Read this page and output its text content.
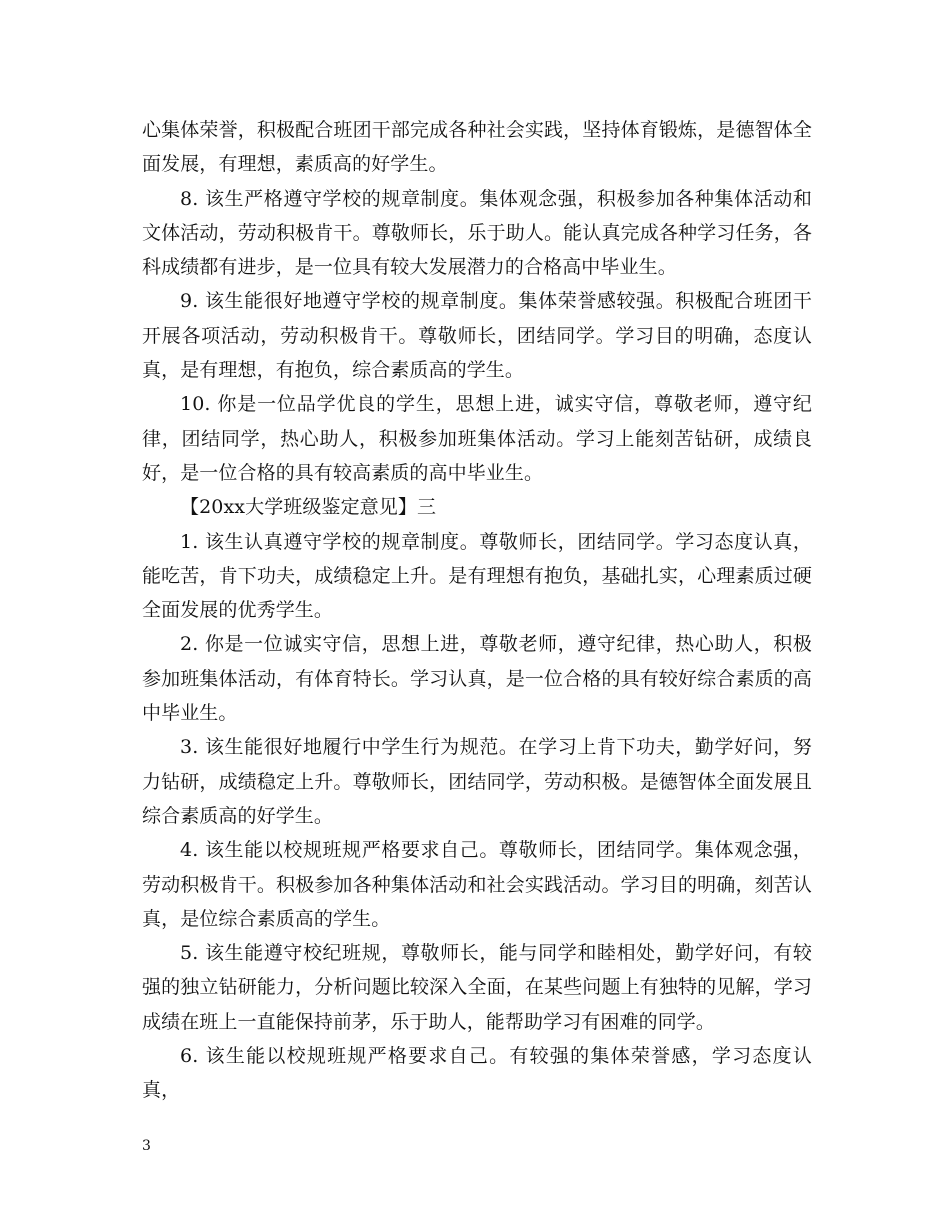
心集体荣誉，积极配合班团干部完成各种社会实践，坚持体育锻炼，是德智体全面发展，有理想，素质高的好学生。

8. 该生严格遵守学校的规章制度。集体观念强，积极参加各种集体活动和文体活动，劳动积极肯干。尊敬师长，乐于助人。能认真完成各种学习任务，各科成绩都有进步，是一位具有较大发展潜力的合格高中毕业生。

9. 该生能很好地遵守学校的规章制度。集体荣誉感较强。积极配合班团干开展各项活动，劳动积极肯干。尊敬师长，团结同学。学习目的明确，态度认真，是有理想，有抱负，综合素质高的学生。

10. 你是一位品学优良的学生，思想上进，诚实守信，尊敬老师，遵守纪律，团结同学，热心助人，积极参加班集体活动。学习上能刻苦钻研，成绩良好，是一位合格的具有较高素质的高中毕业生。

【20xx大学班级鉴定意见】三

1. 该生认真遵守学校的规章制度。尊敬师长，团结同学。学习态度认真，能吃苦，肯下功夫，成绩稳定上升。是有理想有抱负，基础扎实，心理素质过硬全面发展的优秀学生。

2. 你是一位诚实守信，思想上进，尊敬老师，遵守纪律，热心助人，积极参加班集体活动，有体育特长。学习认真，是一位合格的具有较好综合素质的高中毕业生。

3. 该生能很好地履行中学生行为规范。在学习上肯下功夫，勤学好问，努力钻研，成绩稳定上升。尊敬师长，团结同学，劳动积极。是德智体全面发展且综合素质高的好学生。

4. 该生能以校规班规严格要求自己。尊敬师长，团结同学。集体观念强，劳动积极肯干。积极参加各种集体活动和社会实践活动。学习目的明确，刻苦认真，是位综合素质高的学生。

5. 该生能遵守校纪班规，尊敬师长，能与同学和睦相处，勤学好问，有较强的独立钻研能力，分析问题比较深入全面，在某些问题上有独特的见解，学习成绩在班上一直能保持前茅，乐于助人，能帮助学习有困难的同学。

6. 该生能以校规班规严格要求自己。有较强的集体荣誉感，学习态度认真，

3
